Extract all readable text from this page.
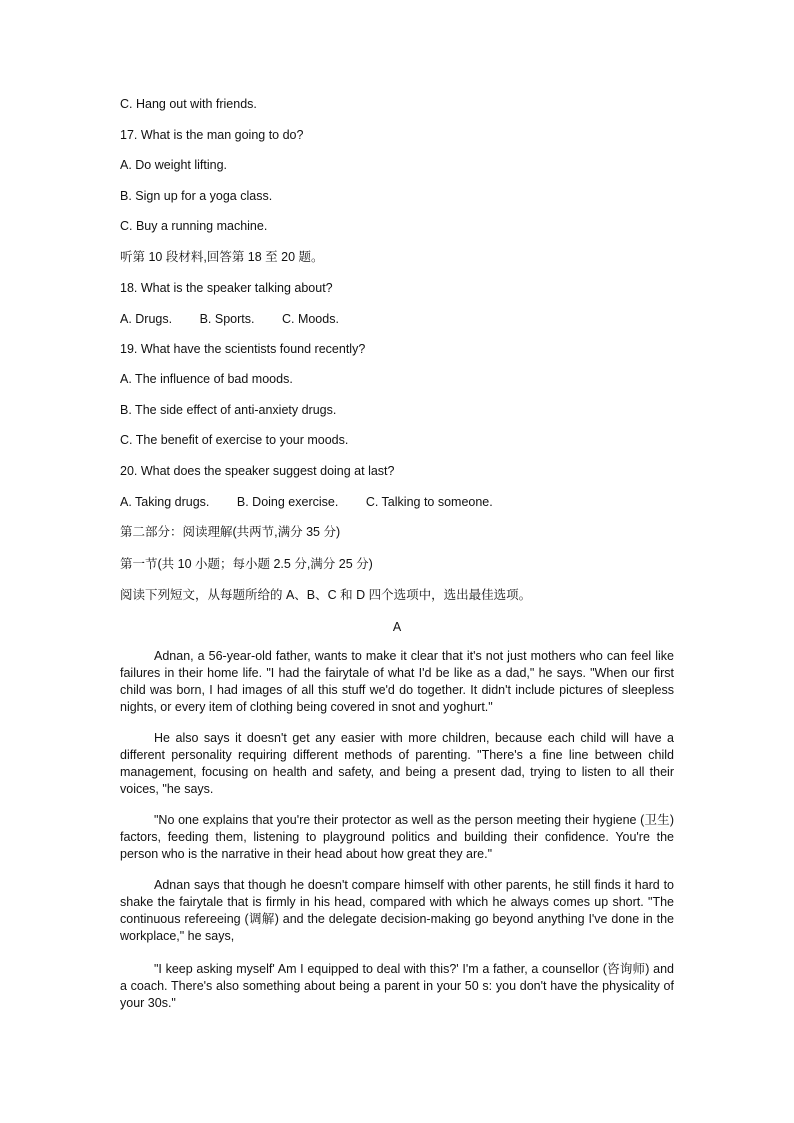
C. Hang out with friends.
17. What is the man going to do?
A. Do weight lifting.
B. Sign up for a yoga class.
C. Buy a running machine.
听第 10 段材料,回答第 18 至 20 题。
18. What is the speaker talking about?
A. Drugs. B. Sports. C. Moods.
19. What have the scientists found recently?
A. The influence of bad moods.
B. The side effect of anti-anxiety drugs.
C. The benefit of exercise to your moods.
20. What does the speaker suggest doing at last?
A. Taking drugs. B. Doing exercise. C. Talking to someone.
第二部分：阅读理解(共两节,满分 35 分)
第一节(共 10 小题；每小题 2.5 分,满分 25 分)
阅读下列短文，从每题所给的 A、B、C 和 D 四个选项中，选出最佳选项。
A

Adnan, a 56-year-old father, wants to make it clear that it's not just mothers who can feel like failures in their home life. "I had the fairytale of what I'd be like as a dad," he says. "When our first child was born, I had images of all this stuff we'd do together. It didn't include pictures of sleepless nights, or every item of clothing being covered in snot and yoghurt."

He also says it doesn't get any easier with more children, because each child will have a different personality requiring different methods of parenting. "There's a fine line between child management, focusing on health and safety, and being a present dad, trying to listen to all their voices, "he says.

"No one explains that you're their protector as well as the person meeting their hygiene (卫生) factors, feeding them, listening to playground politics and building their confidence. You're the person who is the narrative in their head about how great they are."

Adnan says that though he doesn't compare himself with other parents, he still finds it hard to shake the fairytale that is firmly in his head, compared with which he always comes up short. "The continuous refereeing (调解) and the delegate decision-making go beyond anything I've done in the workplace," he says,

"I keep asking myself' Am I equipped to deal with this?' I'm a father, a counsellor (咨询师) and a coach. There's also something about being a parent in your 50 s: you don't have the physicality of your 30s."
